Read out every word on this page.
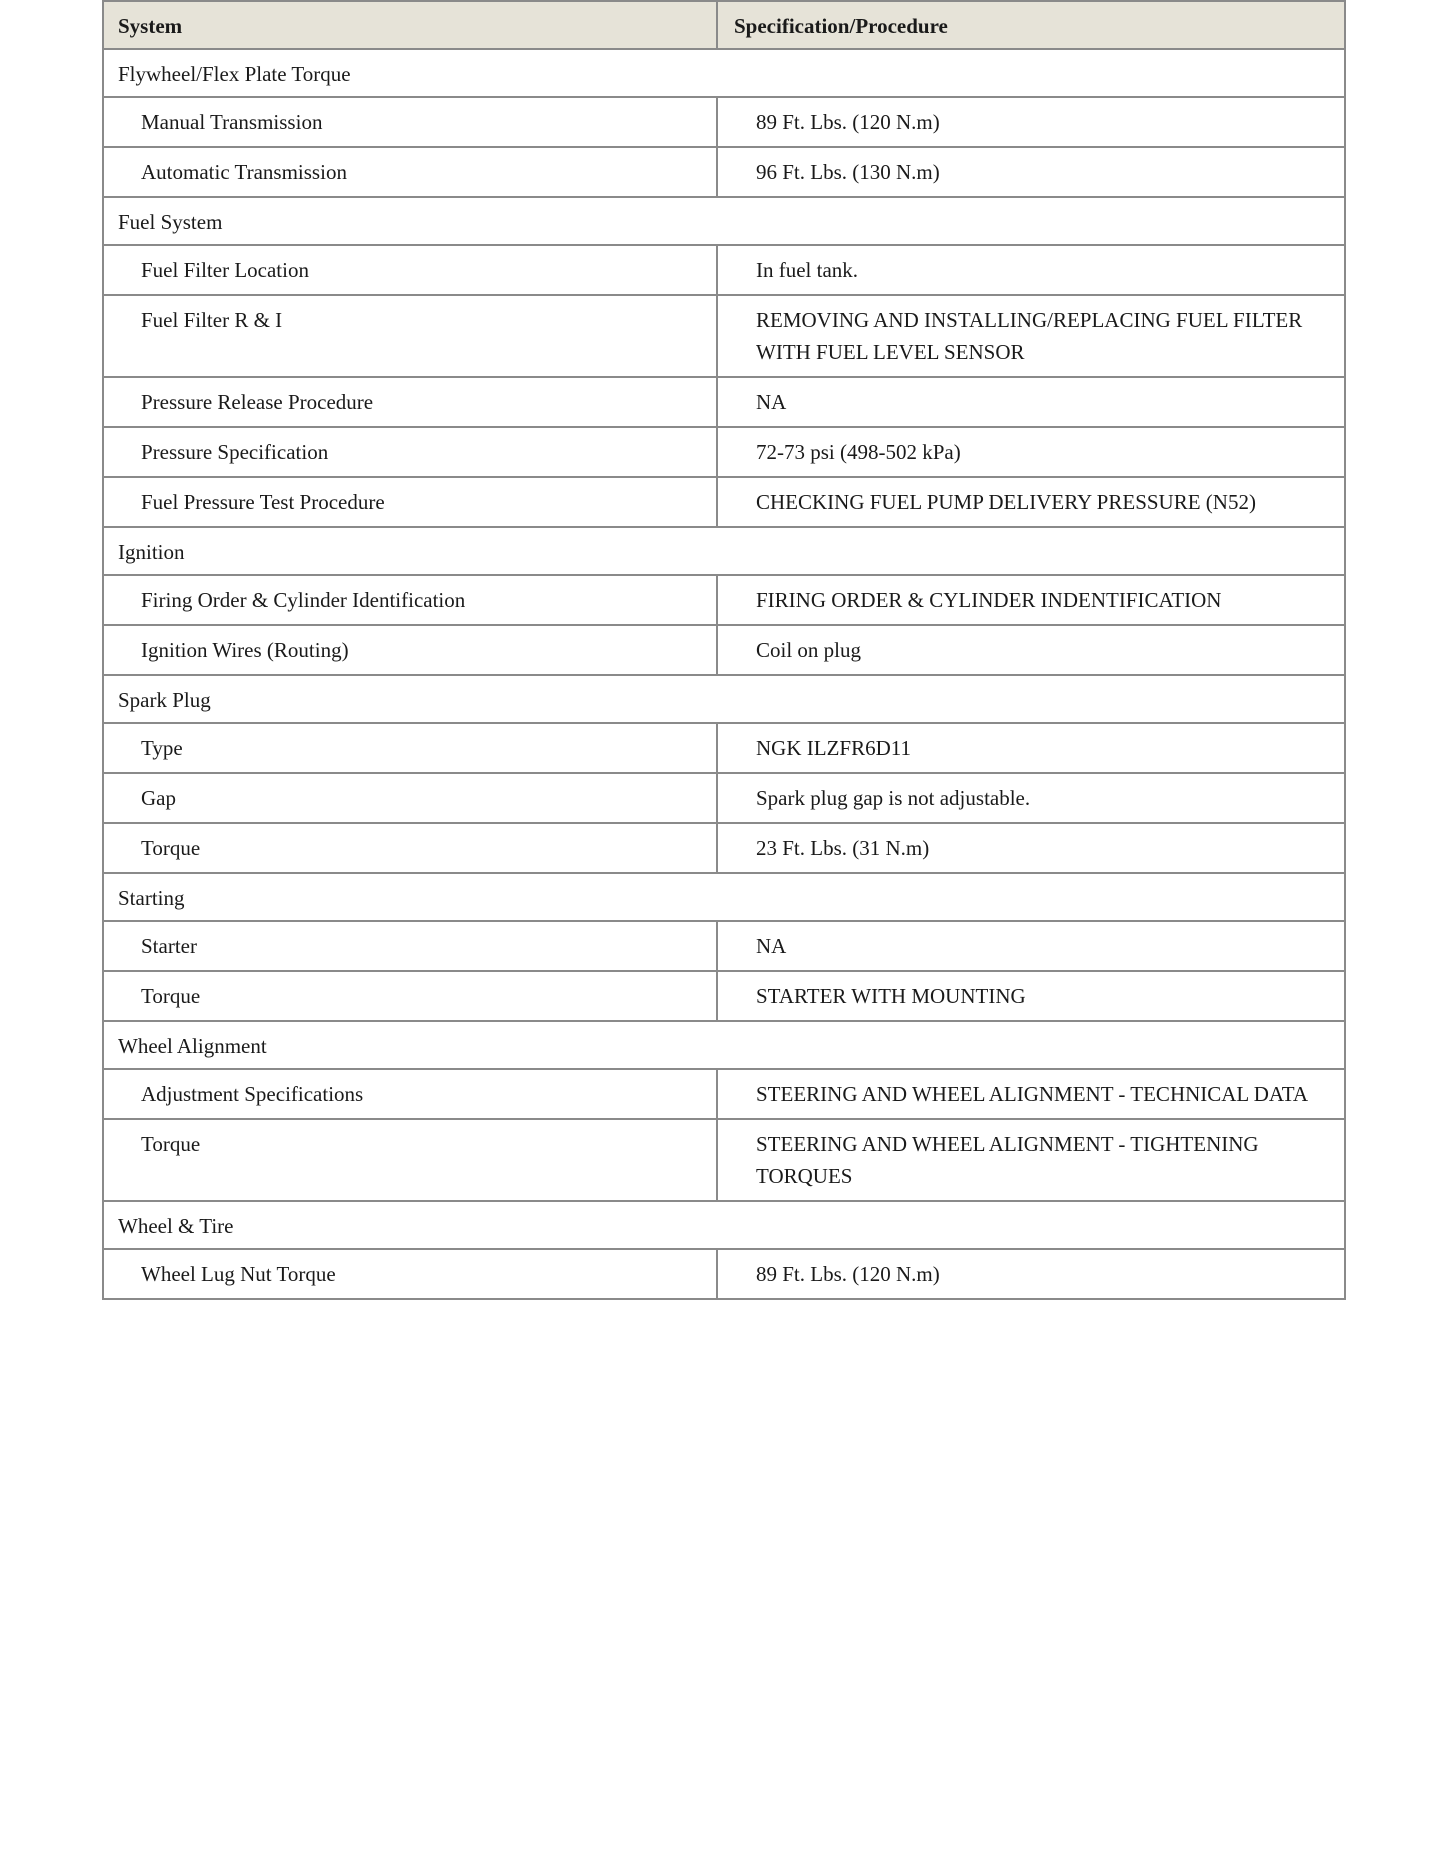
System	Specification/Procedure
Flywheel/Flex Plate Torque	
Manual Transmission	89 Ft. Lbs. (120 N.m)
Automatic Transmission	96 Ft. Lbs. (130 N.m)
Fuel System	
Fuel Filter Location	In fuel tank.
Fuel Filter R & I	REMOVING AND INSTALLING/REPLACING FUEL FILTER WITH FUEL LEVEL SENSOR
Pressure Release Procedure	NA
Pressure Specification	72-73 psi (498-502 kPa)
Fuel Pressure Test Procedure	CHECKING FUEL PUMP DELIVERY PRESSURE (N52)
Ignition	
Firing Order & Cylinder Identification	FIRING ORDER & CYLINDER INDENTIFICATION
Ignition Wires (Routing)	Coil on plug
Spark Plug	
Type	NGK ILZFR6D11
Gap	Spark plug gap is not adjustable.
Torque	23 Ft. Lbs. (31 N.m)
Starting	
Starter	NA
Torque	STARTER WITH MOUNTING
Wheel Alignment	
Adjustment Specifications	STEERING AND WHEEL ALIGNMENT - TECHNICAL DATA
Torque	STEERING AND WHEEL ALIGNMENT - TIGHTENING TORQUES
Wheel & Tire	
Wheel Lug Nut Torque	89 Ft. Lbs. (120 N.m)
